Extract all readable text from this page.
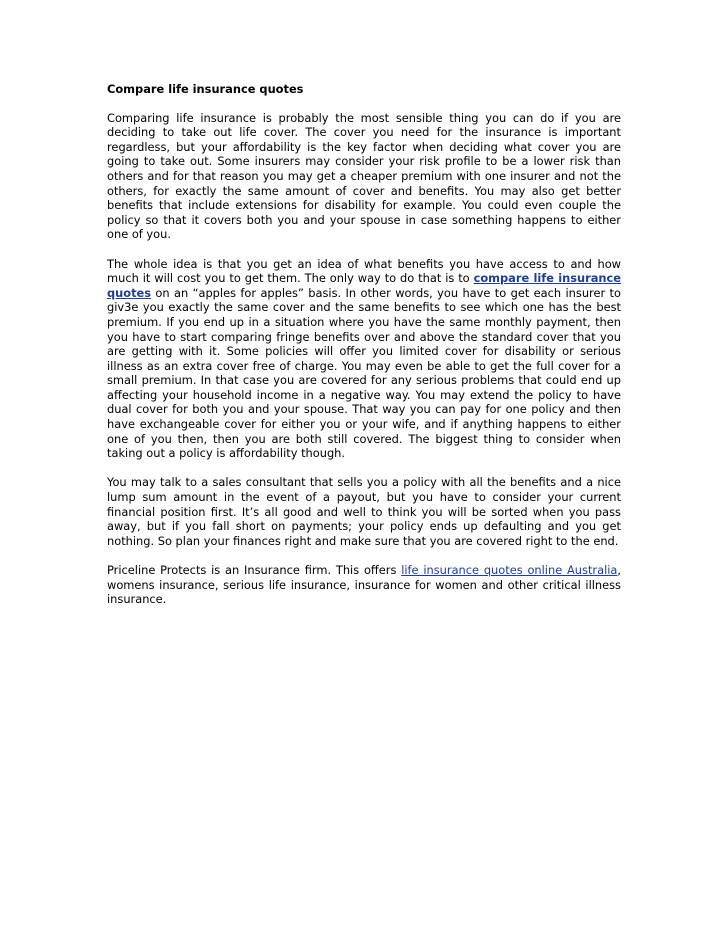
Compare life insurance quotes

Comparing life insurance is probably the most sensible thing you can do if you are deciding to take out life cover. The cover you need for the insurance is important regardless, but your affordability is the key factor when deciding what cover you are going to take out. Some insurers may consider your risk profile to be a lower risk than others and for that reason you may get a cheaper premium with one insurer and not the others, for exactly the same amount of cover and benefits. You may also get better benefits that include extensions for disability for example. You could even couple the policy so that it covers both you and your spouse in case something happens to either one of you.

The whole idea is that you get an idea of what benefits you have access to and how much it will cost you to get them. The only way to do that is to compare life insurance quotes on an “apples for apples” basis. In other words, you have to get each insurer to giv3e you exactly the same cover and the same benefits to see which one has the best premium. If you end up in a situation where you have the same monthly payment, then you have to start comparing fringe benefits over and above the standard cover that you are getting with it. Some policies will offer you limited cover for disability or serious illness as an extra cover free of charge. You may even be able to get the full cover for a small premium. In that case you are covered for any serious problems that could end up affecting your household income in a negative way. You may extend the policy to have dual cover for both you and your spouse. That way you can pay for one policy and then have exchangeable cover for either you or your wife, and if anything happens to either one of you then, then you are both still covered. The biggest thing to consider when taking out a policy is affordability though.

You may talk to a sales consultant that sells you a policy with all the benefits and a nice lump sum amount in the event of a payout, but you have to consider your current financial position first. It’s all good and well to think you will be sorted when you pass away, but if you fall short on payments; your policy ends up defaulting and you get nothing. So plan your finances right and make sure that you are covered right to the end.

Priceline Protects is an Insurance firm. This offers life insurance quotes online Australia, womens insurance, serious life insurance, insurance for women and other critical illness insurance.
